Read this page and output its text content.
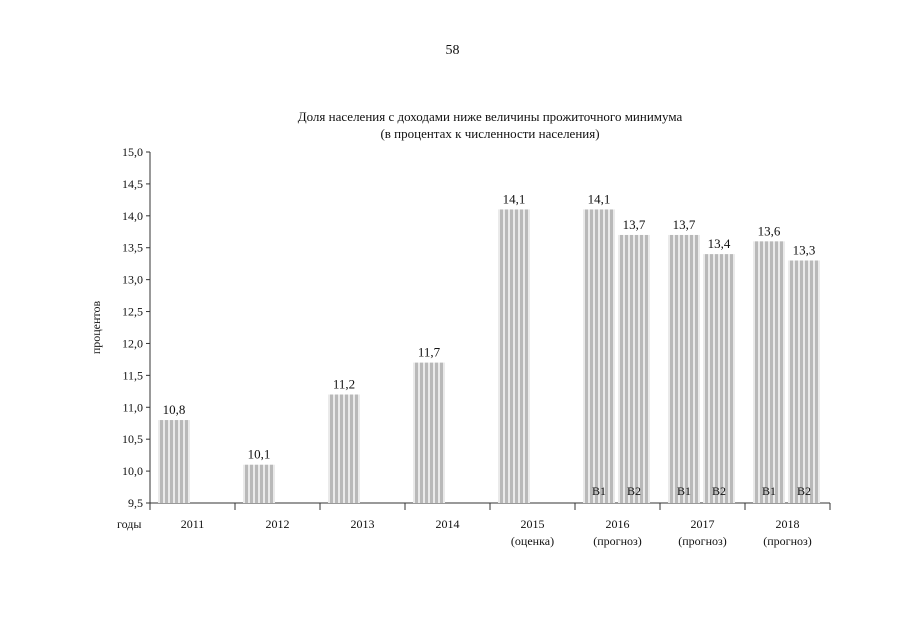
58
Доля населения с доходами ниже величины прожиточного минимума
(в процентах к численности населения)
9,5
10,0
10,5
11,0
11,5
12,0
12,5
13,0
13,5
14,0
14,5
15,0
процентов
годы	2011	2012	2013	2014	2015
(оценка)
2016
(прогноз)
2017
(прогноз)
2018
(прогноз)
10,8
10,1
11,2
11,7
14,1	14,1
В1
13,7
В2
13,7
В1
13,4
В2
13,6
В1
13,3
В2
